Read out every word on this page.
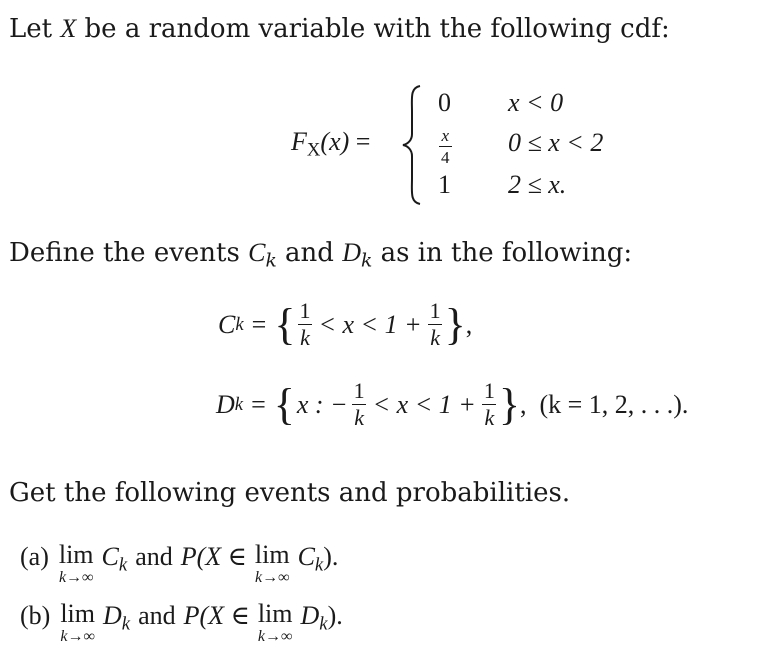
Let X be a random variable with the following cdf:
$F_X(x)$ =
0 x < 0
$\frac{x}{4} 0 \le x < 2$
1 2 ≤ x.
Define the events $C_k$ and $D_k$ as in the following:
C k = { $\frac{1}{k} < x < 1 + \frac{1}{k}$ } ,
D k = { x : − $\frac{1}{k} < x < 1 + \frac{1}{k}$ } ,  (k = 1, 2, . . .).
Get the following events and probabilities.
(a) lim
k→∞
$C_k$ and P(X ∈ lim
k→∞
$C_k$ ).
(b) lim
k→∞
$D_k$ and P(X ∈ lim
k→∞
$D_k$ ).
